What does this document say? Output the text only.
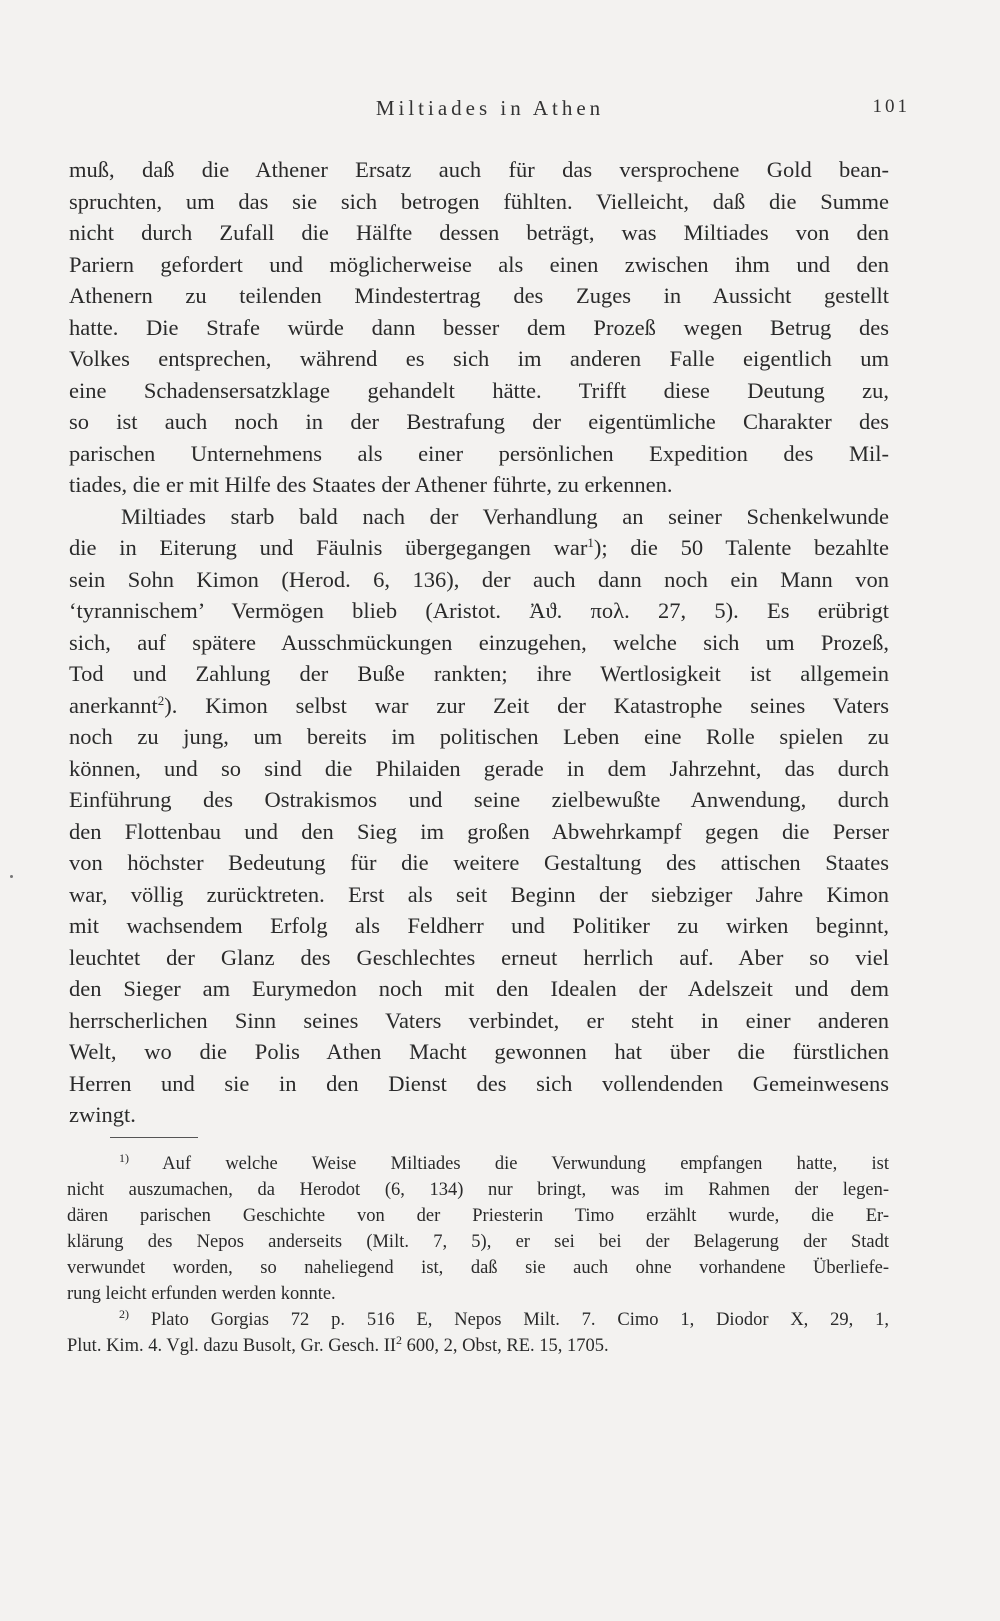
Miltiades in Athen	101
muß, daß die Athener Ersatz auch für das versprochene Gold bean-
spruchten, um das sie sich betrogen fühlten. Vielleicht, daß die Summe
nicht durch Zufall die Hälfte dessen beträgt, was Miltiades von den
Pariern gefordert und möglicherweise als einen zwischen ihm und den
Athenern zu teilenden Mindestertrag des Zuges in Aussicht gestellt
hatte. Die Strafe würde dann besser dem Prozeß wegen Betrug des
Volkes entsprechen, während es sich im anderen Falle eigentlich um
eine Schadensersatzklage gehandelt hätte. Trifft diese Deutung zu,
so ist auch noch in der Bestrafung der eigentümliche Charakter des
parischen Unternehmens als einer persönlichen Expedition des Mil-
tiades, die er mit Hilfe des Staates der Athener führte, zu erkennen.
Miltiades starb bald nach der Verhandlung an seiner Schenkelwunde
die in Eiterung und Fäulnis übergegangen war$^1$); die 50 Talente bezahlte
sein Sohn Kimon (Herod. 6, 136), der auch dann noch ein Mann von
‘tyrannischem’ Vermögen blieb (Aristot. Ἀϑ. πολ. 27, 5). Es erübrigt
sich, auf spätere Ausschmückungen einzugehen, welche sich um Prozeß,
Tod und Zahlung der Buße rankten; ihre Wertlosigkeit ist allgemein
anerkannt$^2$). Kimon selbst war zur Zeit der Katastrophe seines Vaters
noch zu jung, um bereits im politischen Leben eine Rolle spielen zu
können, und so sind die Philaiden gerade in dem Jahrzehnt, das durch
Einführung des Ostrakismos und seine zielbewußte Anwendung, durch
den Flottenbau und den Sieg im großen Abwehrkampf gegen die Perser
von höchster Bedeutung für die weitere Gestaltung des attischen Staates
war, völlig zurücktreten. Erst als seit Beginn der siebziger Jahre Kimon
mit wachsendem Erfolg als Feldherr und Politiker zu wirken beginnt,
leuchtet der Glanz des Geschlechtes erneut herrlich auf. Aber so viel
den Sieger am Eurymedon noch mit den Idealen der Adelszeit und dem
herrscherlichen Sinn seines Vaters verbindet, er steht in einer anderen
Welt, wo die Polis Athen Macht gewonnen hat über die fürstlichen
Herren und sie in den Dienst des sich vollendenden Gemeinwesens
zwingt.
$^{1)}$ Auf welche Weise Miltiades die Verwundung empfangen hatte, ist
nicht auszumachen, da Herodot (6, 134) nur bringt, was im Rahmen der legen-
dären parischen Geschichte von der Priesterin Timo erzählt wurde, die Er-
klärung des Nepos anderseits (Milt. 7, 5), er sei bei der Belagerung der Stadt
verwundet worden, so naheliegend ist, daß sie auch ohne vorhandene Überliefe-
rung leicht erfunden werden konnte.
$^{2)}$ Plato Gorgias 72 p. 516 E, Nepos Milt. 7. Cimo 1, Diodor X, 29, 1,
Plut. Kim. 4. Vgl. dazu Busolt, Gr. Gesch. II$^2$ 600, 2, Obst, RE. 15, 1705.
